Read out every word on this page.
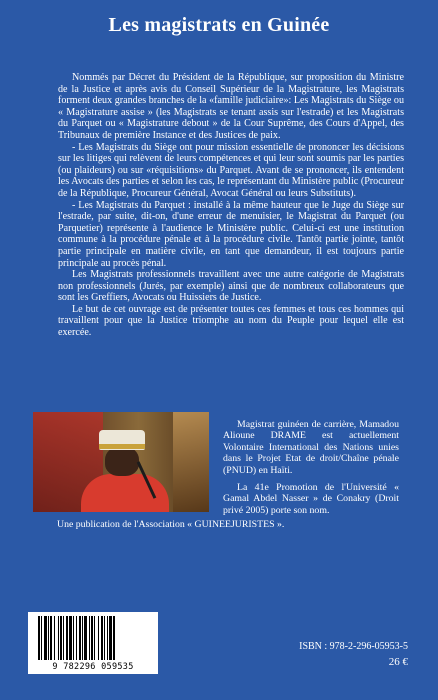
Les magistrats en Guinée

Nommés par Décret du Président de la République, sur proposition du Ministre de la Justice et après avis du Conseil Supérieur de la Magistrature, les Magistrats forment deux grandes branches de la «famille judiciaire»: Les Magistrats du Siège ou « Magistrature assise » (les Magistrats se tenant assis sur l'estrade) et les Magistrats du Parquet ou « Magistrature debout » de la Cour Suprême, des Cours d'Appel, des Tribunaux de première Instance et des Justices de paix.

- Les Magistrats du Siège ont pour mission essentielle de prononcer les décisions sur les litiges qui relèvent de leurs compétences et qui leur sont soumis par les parties (ou plaideurs) ou sur «réquisitions» du Parquet. Avant de se prononcer, ils entendent les Avocats des parties et selon les cas, le représentant du Ministère public (Procureur de la République, Procureur Général, Avocat Général ou leurs Substituts).

- Les Magistrats du Parquet : installé à la même hauteur que le Juge du Siège sur l'estrade, par suite, dit-on, d'une erreur de menuisier, le Magistrat du Parquet (ou Parquetier) représente à l'audience le Ministère public. Celui-ci est une institution commune à la procédure pénale et à la procédure civile. Tantôt partie jointe, tantôt partie principale en matière civile, en tant que demandeur, il est toujours partie principale au procès pénal.

Les Magistrats professionnels travaillent avec une autre catégorie de Magistrats non professionnels (Jurés, par exemple) ainsi que de nombreux collaborateurs que sont les Greffiers, Avocats ou Huissiers de Justice.

Le but de cet ouvrage est de présenter toutes ces femmes et tous ces hommes qui travaillent pour que la Justice triomphe au nom du Peuple pour lequel elle est exercée.

Magistrat guinéen de carrière, Mamadou Alioune DRAME est actuellement Volontaire International des Nations unies dans le Projet Etat de droit/Chaîne pénale (PNUD) en Haïti.

La 41e Promotion de l'Université « Gamal Abdel Nasser » de Conakry (Droit privé 2005) porte son nom.

Une publication de l'Association « GUINEEJURISTES ».
9 782296 059535
ISBN : 978-2-296-05953-5
26 €
